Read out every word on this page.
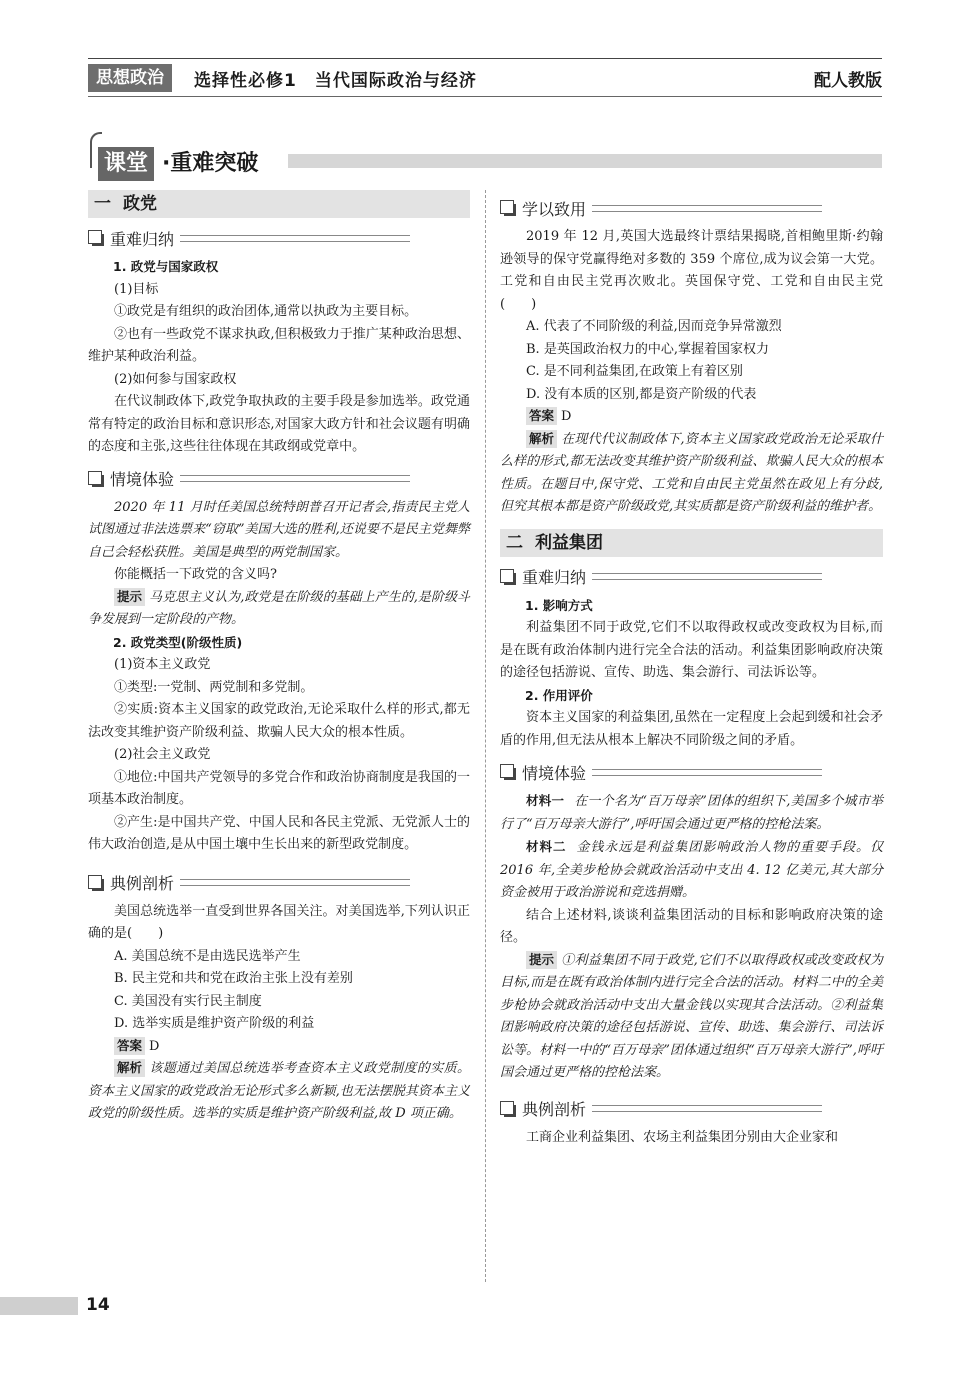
思想政治	选择性必修1　当代国际政治与经济	配人教版
课堂 ·重难突破
一 政党
重难归纳

1. 政党与国家政权

(1)目标

①政党是有组织的政治团体,通常以执政为主要目标。

②也有一些政党不谋求执政,但积极致力于推广某种政治思想、维护某种政治利益。

(2)如何参与国家政权

在代议制政体下,政党争取执政的主要手段是参加选举。政党通常有特定的政治目标和意识形态,对国家大政方针和社会议题有明确的态度和主张,这些往往体现在其政纲或党章中。

情境体验

2020 年 11 月时任美国总统特朗普召开记者会,指责民主党人试图通过非法选票来“窃取”美国大选的胜利,还说要不是民主党舞弊自己会轻松获胜。美国是典型的两党制国家。

你能概括一下政党的含义吗?

提示 马克思主义认为,政党是在阶级的基础上产生的,是阶级斗争发展到一定阶段的产物。

2. 政党类型(阶级性质)

(1)资本主义政党

①类型:一党制、两党制和多党制。

②实质:资本主义国家的政党政治,无论采取什么样的形式,都无法改变其维护资产阶级利益、欺骗人民大众的根本性质。

(2)社会主义政党

①地位:中国共产党领导的多党合作和政治协商制度是我国的一项基本政治制度。

②产生:是中国共产党、中国人民和各民主党派、无党派人士的伟大政治创造,是从中国土壤中生长出来的新型政党制度。

典例剖析

美国总统选举一直受到世界各国关注。对美国选举,下列认识正确的是(　　)

A. 美国总统不是由选民选举产生

B. 民主党和共和党在政治主张上没有差别

C. 美国没有实行民主制度

D. 选举实质是维护资产阶级的利益

答案 D

解析 该题通过美国总统选举考查资本主义政党制度的实质。资本主义国家的政党政治无论形式多么新颖,也无法摆脱其资本主义政党的阶级性质。选举的实质是维护资产阶级利益,故 D 项正确。

学以致用

2019 年 12 月,英国大选最终计票结果揭晓,首相鲍里斯·约翰逊领导的保守党赢得绝对多数的 359 个席位,成为议会第一大党。工党和自由民主党再次败北。英国保守党、工党和自由民主党(　　)

A. 代表了不同阶级的利益,因而竞争异常激烈

B. 是英国政治权力的中心,掌握着国家权力

C. 是不同利益集团,在政策上有着区别

D. 没有本质的区别,都是资产阶级的代表

答案 D

解析 在现代代议制政体下,资本主义国家政党政治无论采取什么样的形式,都无法改变其维护资产阶级利益、欺骗人民大众的根本性质。在题目中,保守党、工党和自由民主党虽然在政见上有分歧,但究其根本都是资产阶级政党,其实质都是资产阶级利益的维护者。

二 利益集团
重难归纳

1. 影响方式

利益集团不同于政党,它们不以取得政权或改变政权为目标,而是在既有政治体制内进行完全合法的活动。利益集团影响政府决策的途径包括游说、宣传、助选、集会游行、司法诉讼等。

2. 作用评价

资本主义国家的利益集团,虽然在一定程度上会起到缓和社会矛盾的作用,但无法从根本上解决不同阶级之间的矛盾。

情境体验

材料一 在一个名为“百万母亲”团体的组织下,美国多个城市举行了“百万母亲大游行”,呼吁国会通过更严格的控枪法案。

材料二 金钱永远是利益集团影响政治人物的重要手段。仅 2016 年,全美步枪协会就政治活动中支出 4. 12 亿美元,其大部分资金被用于政治游说和竞选捐赠。

结合上述材料,谈谈利益集团活动的目标和影响政府决策的途径。

提示 ①利益集团不同于政党,它们不以取得政权或改变政权为目标,而是在既有政治体制内进行完全合法的活动。材料二中的全美步枪协会就政治活动中支出大量金钱以实现其合法活动。②利益集团影响政府决策的途径包括游说、宣传、助选、集会游行、司法诉讼等。材料一中的“百万母亲”团体通过组织“百万母亲大游行”,呼吁国会通过更严格的控枪法案。

典例剖析

工商企业利益集团、农场主利益集团分别由大企业家和

14
